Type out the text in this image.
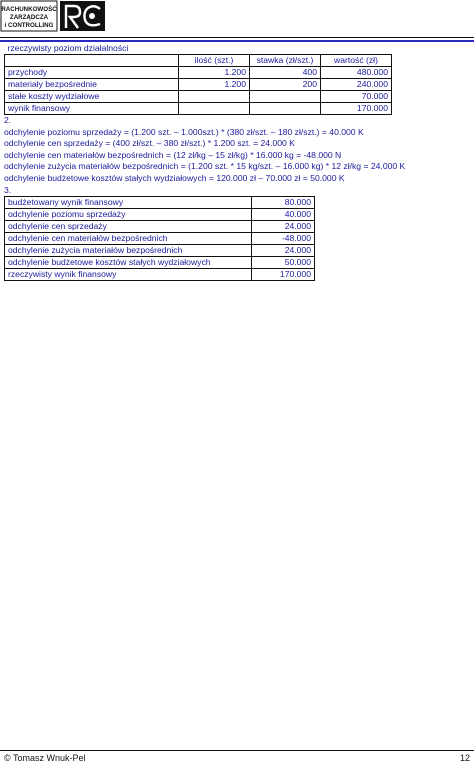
RACHUNKOWOŚĆ
ZARZĄDCZA
i CONTROLLING
rzeczywisty poziom działalności			
	ilość (szt.)	stawka (zł/szt.)	wartość (zł)
przychody	1.200	400	480.000
materiały bezpośrednie	1.200	200	240.000
stałe koszty wydziałowe			70.000
wynik finansowy			170.000
2.
odchylenie poziomu sprzedaży = (1.200 szt. – 1.000szt.) * (380 zł/szt. – 180 zł/szt.) = 40.000 K
odchylenie cen sprzedaży = (400 zł/szt. – 380 zł/szt.) * 1.200 szt. = 24.000 K
odchylenie cen materiałów bezpośrednich = (12 zł/kg – 15 zł/kg) * 16.000 kg = -48.000 N
odchylenie zużycia materiałów bezpośrednich = (1.200 szt. * 15 kg/szt. – 16.000 kg) * 12 zł/kg = 24.000 K
odchylenie budżetowe kosztów stałych wydziałowych = 120.000 zł – 70.000 zł = 50.000 K
3.
budżetowany wynik finansowy	80.000
odchylenie poziomu sprzedaży	40.000
odchylenie cen sprzedaży	24.000
odchylenie cen materiałów bezpośrednich	-48.000
odchylenie zużycia materiałów bezpośrednich	24.000
odchylenie budżetowe kosztów stałych wydziałowych	50.000
rzeczywisty wynik finansowy	170.000
© Tomasz Wnuk-Pel	12
